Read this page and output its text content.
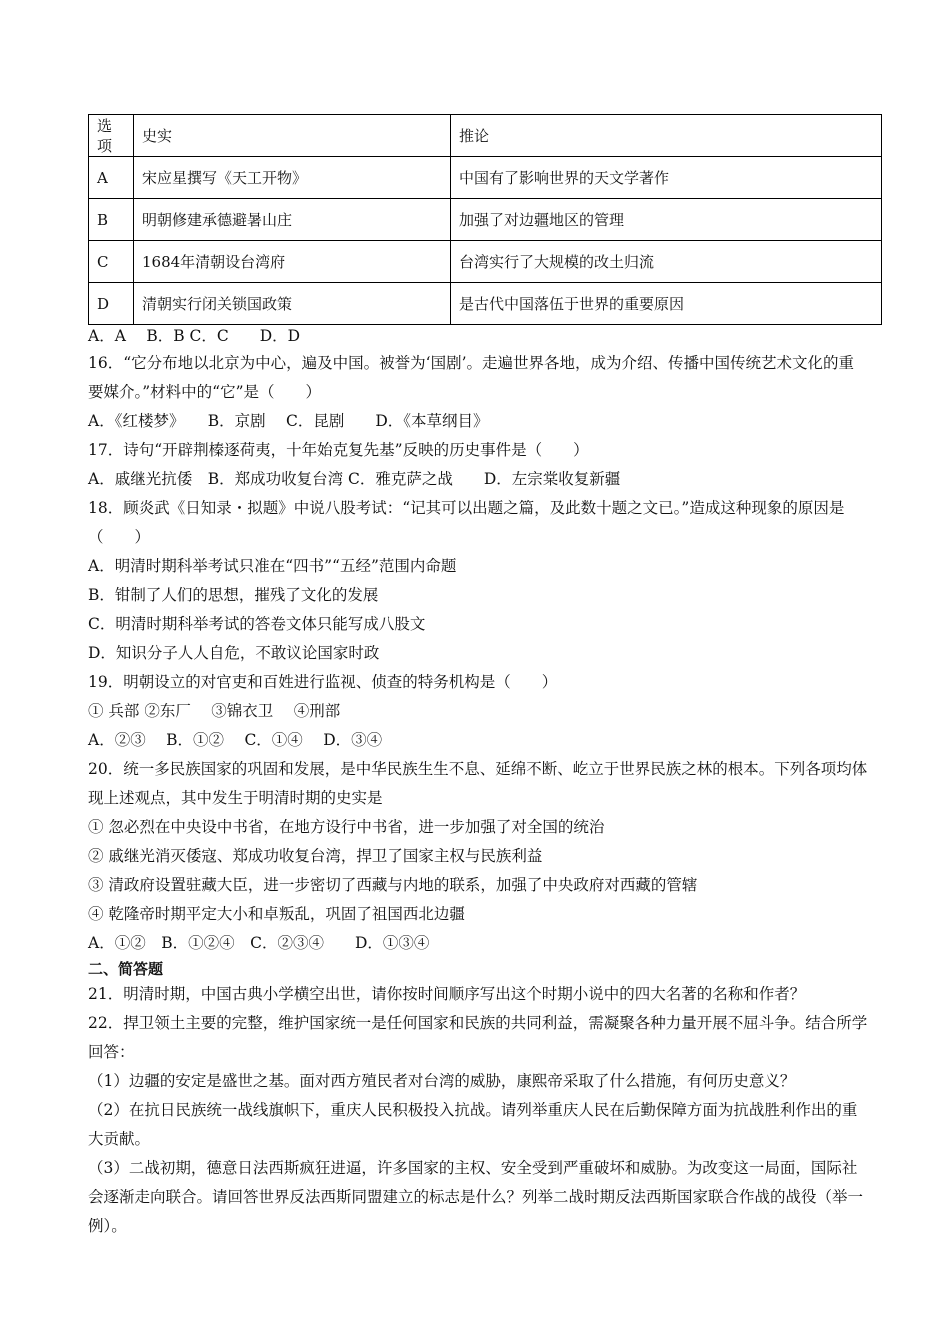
选项	史实	推论
A	宋应星撰写《天工开物》	中国有了影响世界的天文学著作
B	明朝修建承德避暑山庄	加强了对边疆地区的管理
C	1684年清朝设台湾府	台湾实行了大规模的改土归流
D	清朝实行闭关锁国政策	是古代中国落伍于世界的重要原因
A．A　 B．B C．C　　D．D
16．“它分布地以北京为中心，遍及中国。被誉为‘国剧’。走遍世界各地，成为介绍、传播中国传统艺术文化的重要媒介。”材料中的“它”是（　　）
A．《红楼梦》　　B．京剧　 C．昆剧　　D．《本草纲目》
17．诗句“开辟荆榛逐荷夷，十年始克复先基”反映的历史事件是（　　）
A．戚继光抗倭　B．郑成功收复台湾 C．雅克萨之战　　D．左宗棠收复新疆
18．顾炎武《日知录・拟题》中说八股考试：“记其可以出题之篇，及此数十题之文已。”造成这种现象的原因是（　　）
A．明清时期科举考试只准在“四书”“五经”范围内命题
B．钳制了人们的思想，摧残了文化的发展
C．明清时期科举考试的答卷文体只能写成八股文
D．知识分子人人自危，不敢议论国家时政
19．明朝设立的对官吏和百姓进行监视、侦查的特务机构是（　　）
① 兵部 ②东厂　 ③锦衣卫　 ④刑部
A．②③　 B．①②　 C．①④　 D．③④
20．统一多民族国家的巩固和发展，是中华民族生生不息、延绵不断、屹立于世界民族之林的根本。下列各项均体现上述观点，其中发生于明清时期的史实是
① 忽必烈在中央设中书省，在地方设行中书省，进一步加强了对全国的统治
② 戚继光消灭倭寇、郑成功收复台湾，捍卫了国家主权与民族利益
③ 清政府设置驻藏大臣，进一步密切了西藏与内地的联系，加强了中央政府对西藏的管辖
④ 乾隆帝时期平定大小和卓叛乱，巩固了祖国西北边疆
A．①②　B．①②④　C．②③④　　D．①③④
二、简答题
21．明清时期，中国古典小学横空出世，请你按时间顺序写出这个时期小说中的四大名著的名称和作者？
22．捍卫领土主要的完整，维护国家统一是任何国家和民族的共同利益，需凝聚各种力量开展不屈斗争。结合所学回答：
（1）边疆的安定是盛世之基。面对西方殖民者对台湾的威胁，康熙帝采取了什么措施，有何历史意义？
（2）在抗日民族统一战线旗帜下，重庆人民积极投入抗战。请列举重庆人民在后勤保障方面为抗战胜利作出的重大贡献。
（3）二战初期，德意日法西斯疯狂进逼，许多国家的主权、安全受到严重破坏和威胁。为改变这一局面，国际社会逐渐走向联合。请回答世界反法西斯同盟建立的标志是什么？列举二战时期反法西斯国家联合作战的战役（举一例）。
